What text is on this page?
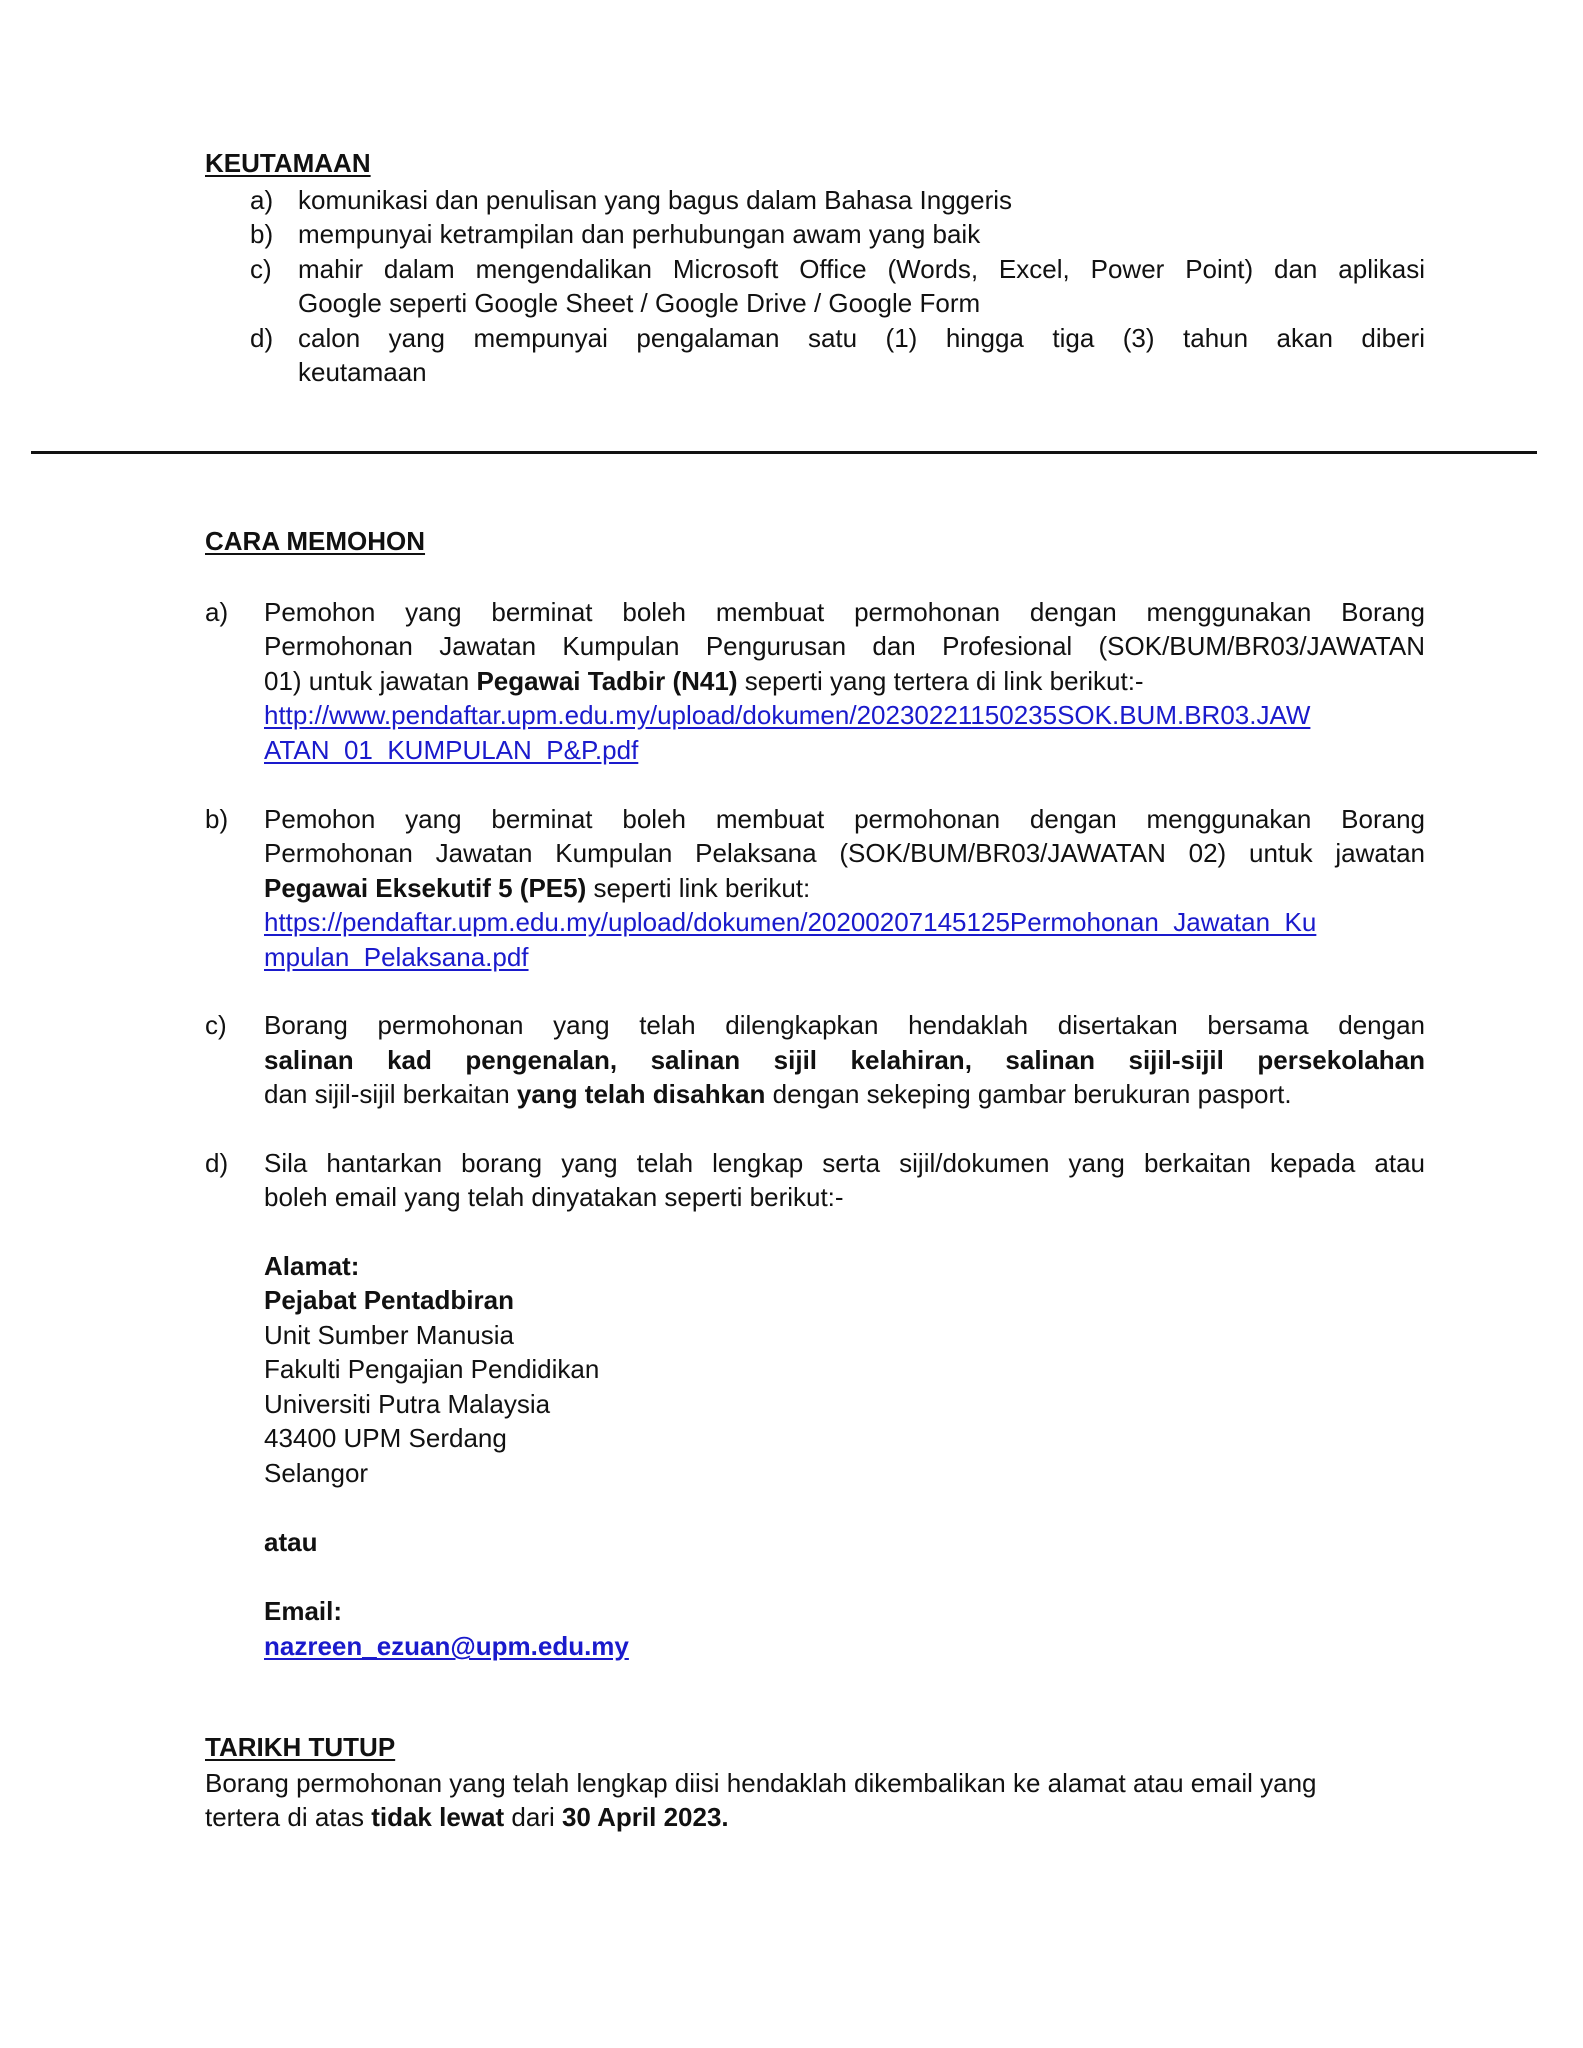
KEUTAMAAN
a) komunikasi dan penulisan yang bagus dalam Bahasa Inggeris
b) mempunyai ketrampilan dan perhubungan awam yang baik
c) mahir dalam mengendalikan Microsoft Office (Words, Excel, Power Point) dan aplikasi
Google seperti Google Sheet / Google Drive / Google Form
d) calon yang mempunyai pengalaman satu (1) hingga tiga (3) tahun akan diberi
keutamaan
CARA MEMOHON
a) Pemohon yang berminat boleh membuat permohonan dengan menggunakan Borang
Permohonan Jawatan Kumpulan Pengurusan dan Profesional (SOK/BUM/BR03/JAWATAN
01) untuk jawatan Pegawai Tadbir (N41) seperti yang tertera di link berikut:-
http://www.pendaftar.upm.edu.my/upload/dokumen/20230221150235SOK.BUM.BR03.JAW
ATAN_01_KUMPULAN_P&P.pdf
b) Pemohon yang berminat boleh membuat permohonan dengan menggunakan Borang
Permohonan Jawatan Kumpulan Pelaksana (SOK/BUM/BR03/JAWATAN 02) untuk jawatan
Pegawai Eksekutif 5 (PE5) seperti link berikut:
https://pendaftar.upm.edu.my/upload/dokumen/20200207145125Permohonan_Jawatan_Ku
mpulan_Pelaksana.pdf
c) Borang permohonan yang telah dilengkapkan hendaklah disertakan bersama dengan
salinan kad pengenalan, salinan sijil kelahiran, salinan sijil-sijil persekolahan
dan sijil-sijil berkaitan yang telah disahkan dengan sekeping gambar berukuran pasport.
d) Sila hantarkan borang yang telah lengkap serta sijil/dokumen yang berkaitan kepada atau
boleh email yang telah dinyatakan seperti berikut:-
Alamat:
Pejabat Pentadbiran
Unit Sumber Manusia
Fakulti Pengajian Pendidikan
Universiti Putra Malaysia
43400 UPM Serdang
Selangor
atau
Email:
nazreen_ezuan@upm.edu.my
TARIKH TUTUP
Borang permohonan yang telah lengkap diisi hendaklah dikembalikan ke alamat atau email yang
tertera di atas tidak lewat dari 30 April 2023.
